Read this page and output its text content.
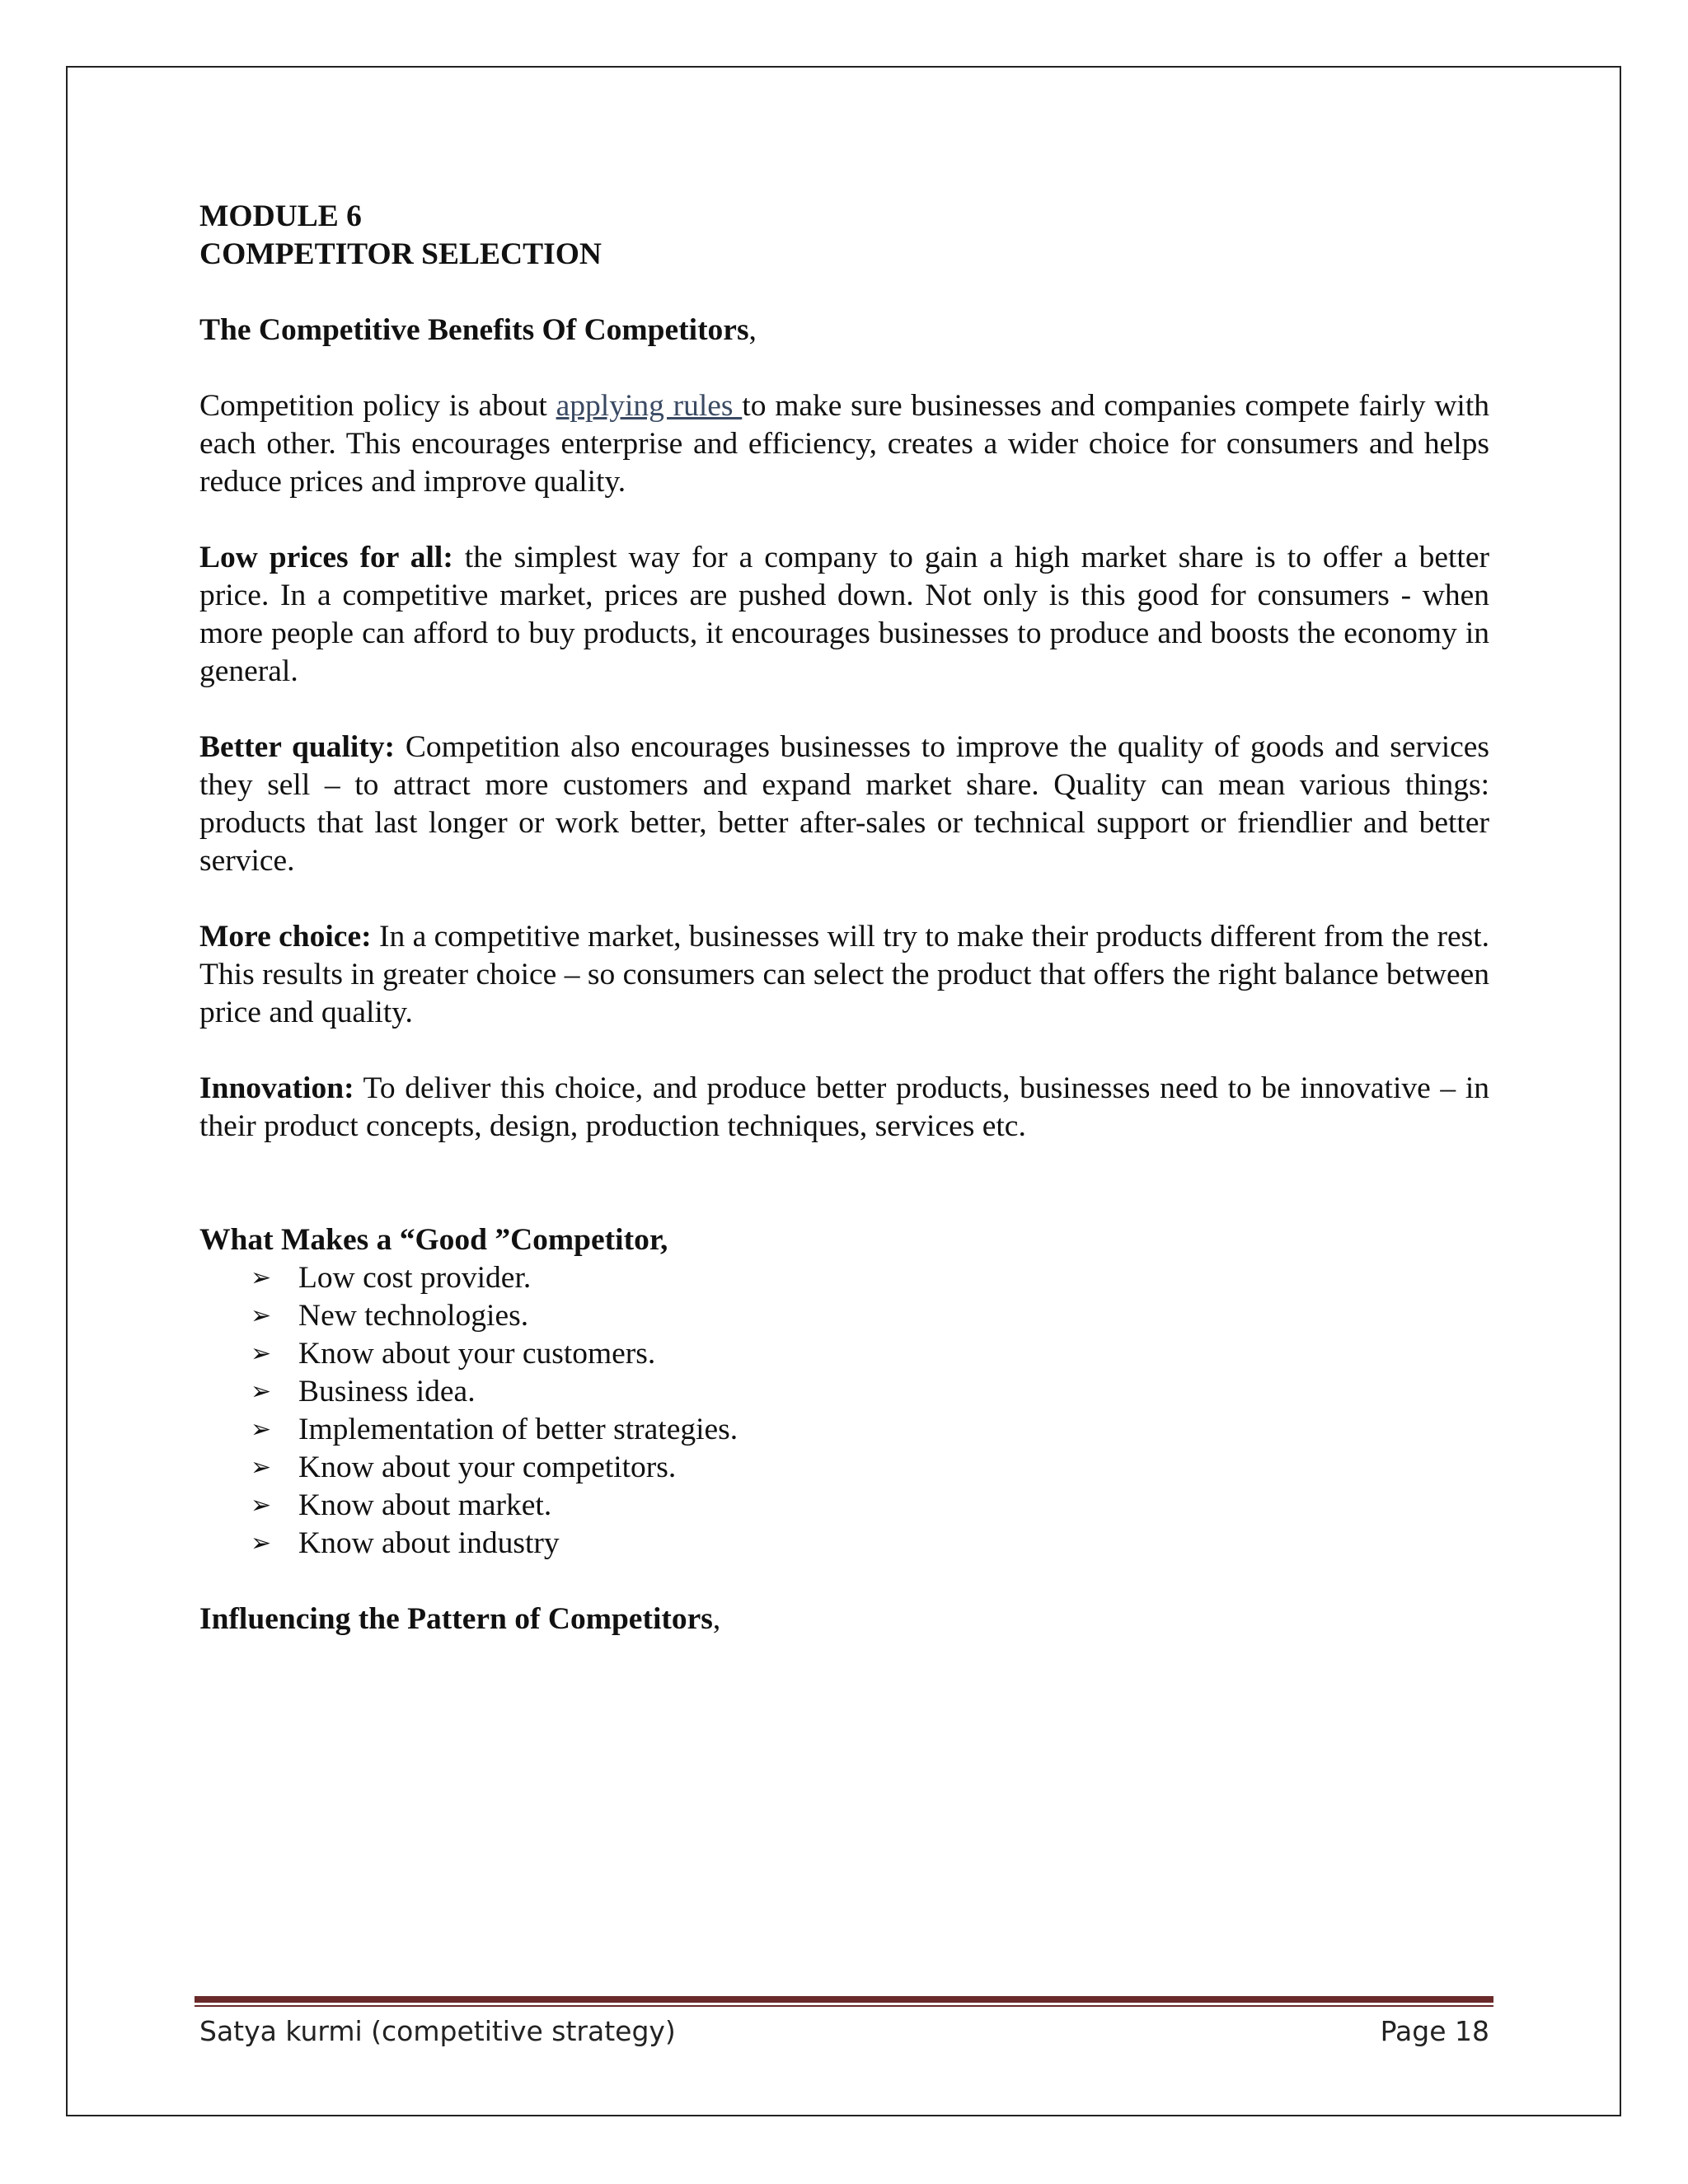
MODULE 6
COMPETITOR SELECTION
The Competitive Benefits Of Competitors,

Competition policy is about applying rules to make sure businesses and companies compete fairly with each other. This encourages enterprise and efficiency, creates a wider choice for consumers and helps reduce prices and improve quality.

Low prices for all: the simplest way for a company to gain a high market share is to offer a better price. In a competitive market, prices are pushed down. Not only is this good for consumers - when more people can afford to buy products, it encourages businesses to produce and boosts the economy in general.

Better quality: Competition also encourages businesses to improve the quality of goods and services they sell – to attract more customers and expand market share. Quality can mean various things: products that last longer or work better, better after-sales or technical support or friendlier and better service.

More choice: In a competitive market, businesses will try to make their products different from the rest. This results in greater choice – so consumers can select the product that offers the right balance between price and quality.

Innovation: To deliver this choice, and produce better products, businesses need to be innovative – in their product concepts, design, production techniques, services etc.

What Makes a “Good ”Competitor,
➢ Low cost provider.
➢ New technologies.
➢ Know about your customers.
➢ Business idea.
➢ Implementation of better strategies.
➢ Know about your competitors.
➢ Know about market.
➢ Know about industry
Influencing the Pattern of Competitors,
Satya kurmi (competitive strategy)	Page 18
